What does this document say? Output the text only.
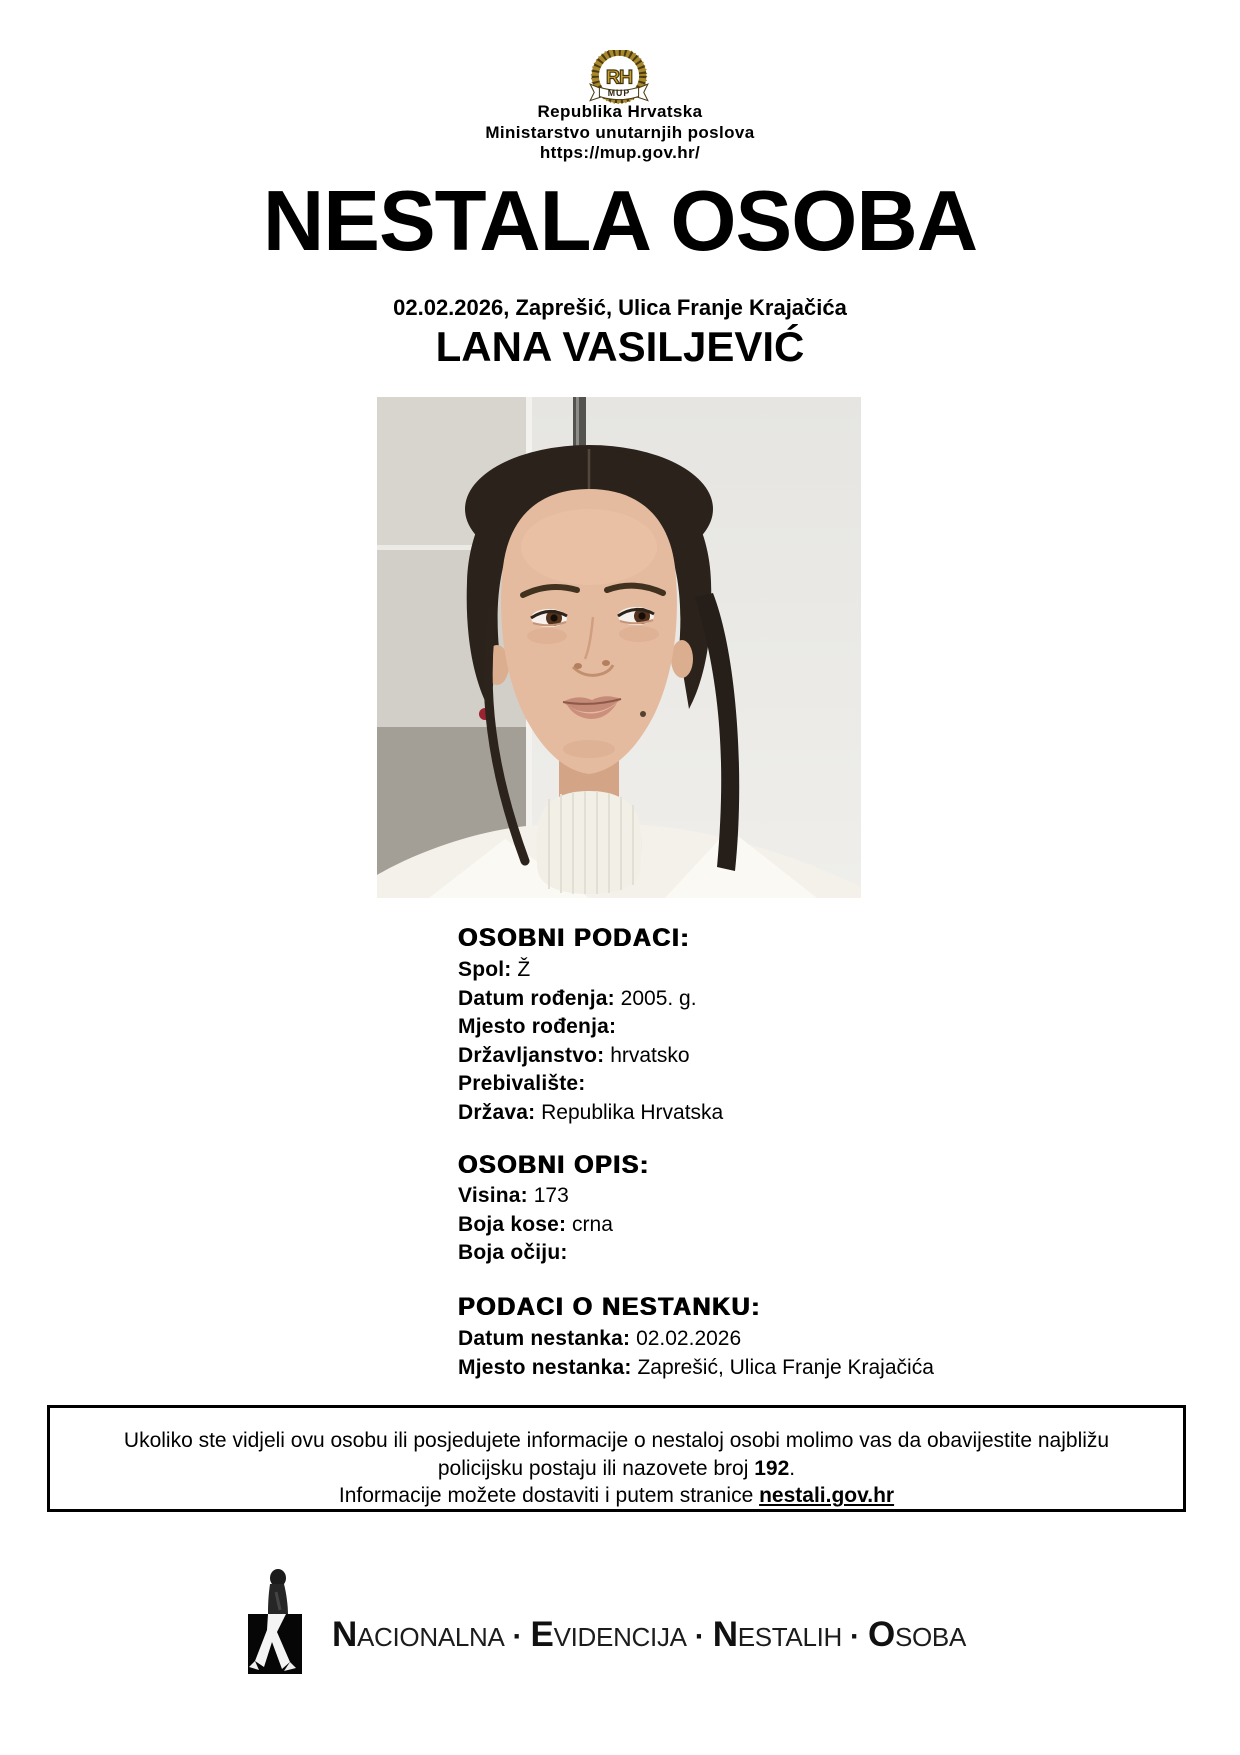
RH
MUP
Republika Hrvatska
Ministarstvo unutarnjih poslova
https://mup.gov.hr/
NESTALA OSOBA
02.02.2026, Zaprešić, Ulica Franje Krajačića
LANA VASILJEVIĆ
OSOBNI PODACI:
Spol: Ž
Datum rođenja: 2005. g.
Mjesto rođenja:
Državljanstvo: hrvatsko
Prebivalište:
Država: Republika Hrvatska
OSOBNI OPIS:
Visina: 173
Boja kose: crna
Boja očiju:
PODACI O NESTANKU:
Datum nestanka: 02.02.2026
Mjesto nestanka: Zaprešić, Ulica Franje Krajačića
Ukoliko ste vidjeli ovu osobu ili posjedujete informacije o nestaloj osobi molimo vas da obavijestite najbližu
policijsku postaju ili nazovete broj 192.
Informacije možete dostaviti i putem stranice nestali.gov.hr
NACIONALNA · EVIDENCIJA · NESTALIH · OSOBA
